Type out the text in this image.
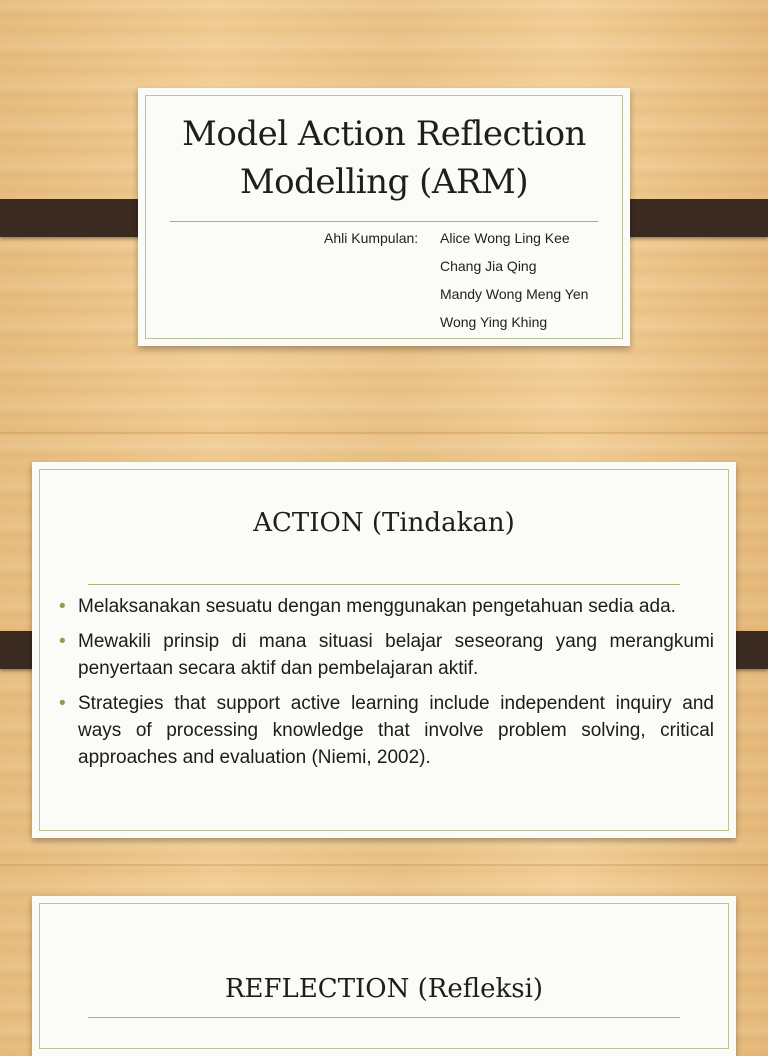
Model Action Reflection Modelling (ARM)
Ahli Kumpulan: Alice Wong Ling Kee
Chang Jia Qing
Mandy Wong Meng Yen
Wong Ying Khing
ACTION (Tindakan)
• Melaksanakan sesuatu dengan menggunakan pengetahuan sedia ada.
• Mewakili prinsip di mana situasi belajar seseorang yang merangkumi penyertaan secara aktif dan pembelajaran aktif.
• Strategies that support active learning include independent inquiry and ways of processing knowledge that involve problem solving, critical approaches and evaluation (Niemi, 2002).
REFLECTION (Refleksi)
